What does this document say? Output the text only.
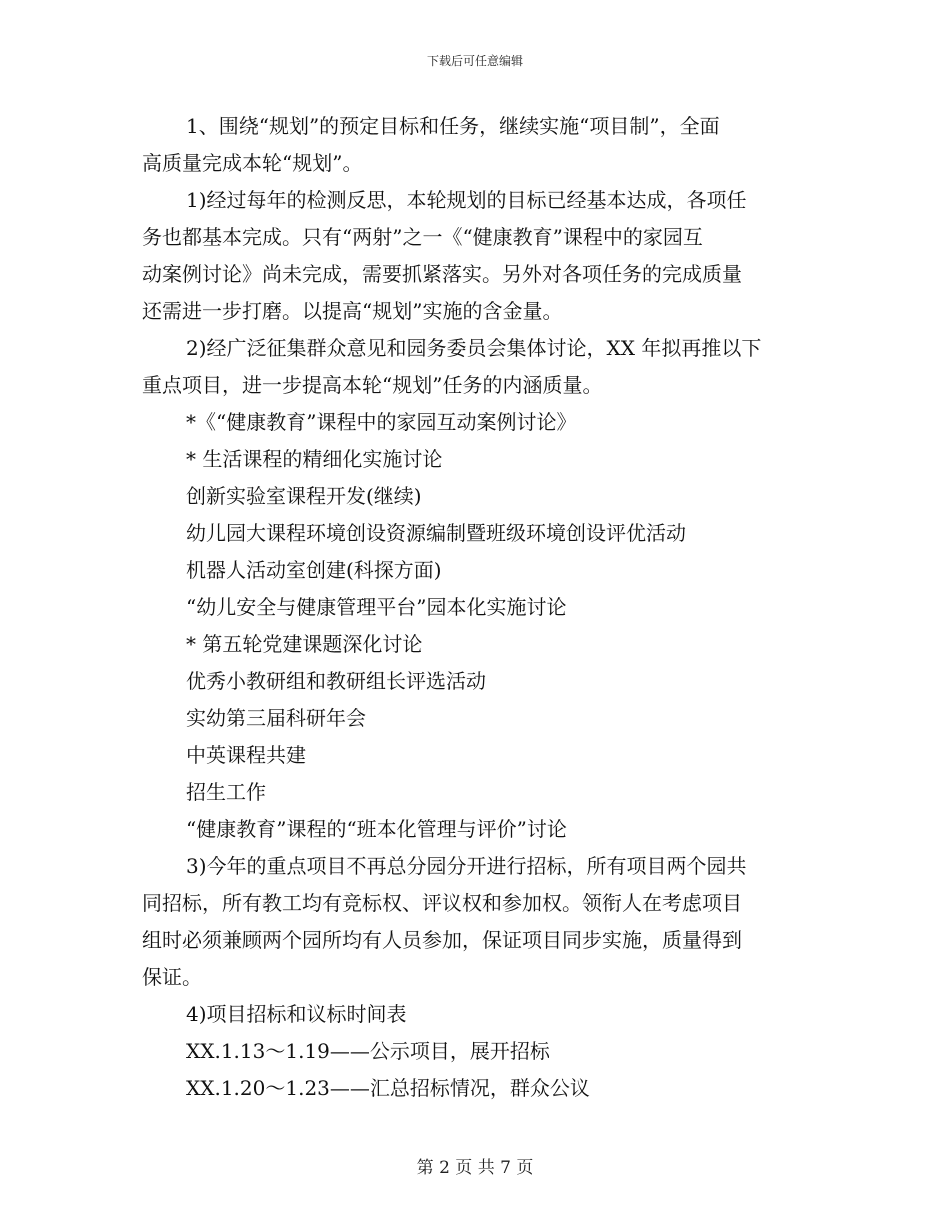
下载后可任意编辑
1、围绕“规划”的预定目标和任务，继续实施“项目制”，全面
高质量完成本轮“规划”。
1)经过每年的检测反思，本轮规划的目标已经基本达成，各项任
务也都基本完成。只有“两射”之一《“健康教育”课程中的家园互
动案例讨论》尚未完成，需要抓紧落实。另外对各项任务的完成质量
还需进一步打磨。以提高“规划”实施的含金量。
2)经广泛征集群众意见和园务委员会集体讨论，XX 年拟再推以下
重点项目，进一步提高本轮“规划”任务的内涵质量。
*《“健康教育”课程中的家园互动案例讨论》
* 生活课程的精细化实施讨论
创新实验室课程开发(继续)
幼儿园大课程环境创设资源编制暨班级环境创设评优活动
机器人活动室创建(科探方面)
“幼儿安全与健康管理平台”园本化实施讨论
* 第五轮党建课题深化讨论
优秀小教研组和教研组长评选活动
实幼第三届科研年会
中英课程共建
招生工作
“健康教育”课程的“班本化管理与评价”讨论
3)今年的重点项目不再总分园分开进行招标，所有项目两个园共
同招标，所有教工均有竞标权、评议权和参加权。领衔人在考虑项目
组时必须兼顾两个园所均有人员参加，保证项目同步实施，质量得到
保证。
4)项目招标和议标时间表
XX.1.13～1.19——公示项目，展开招标
XX.1.20～1.23——汇总招标情况，群众公议
第 2 页 共 7 页
